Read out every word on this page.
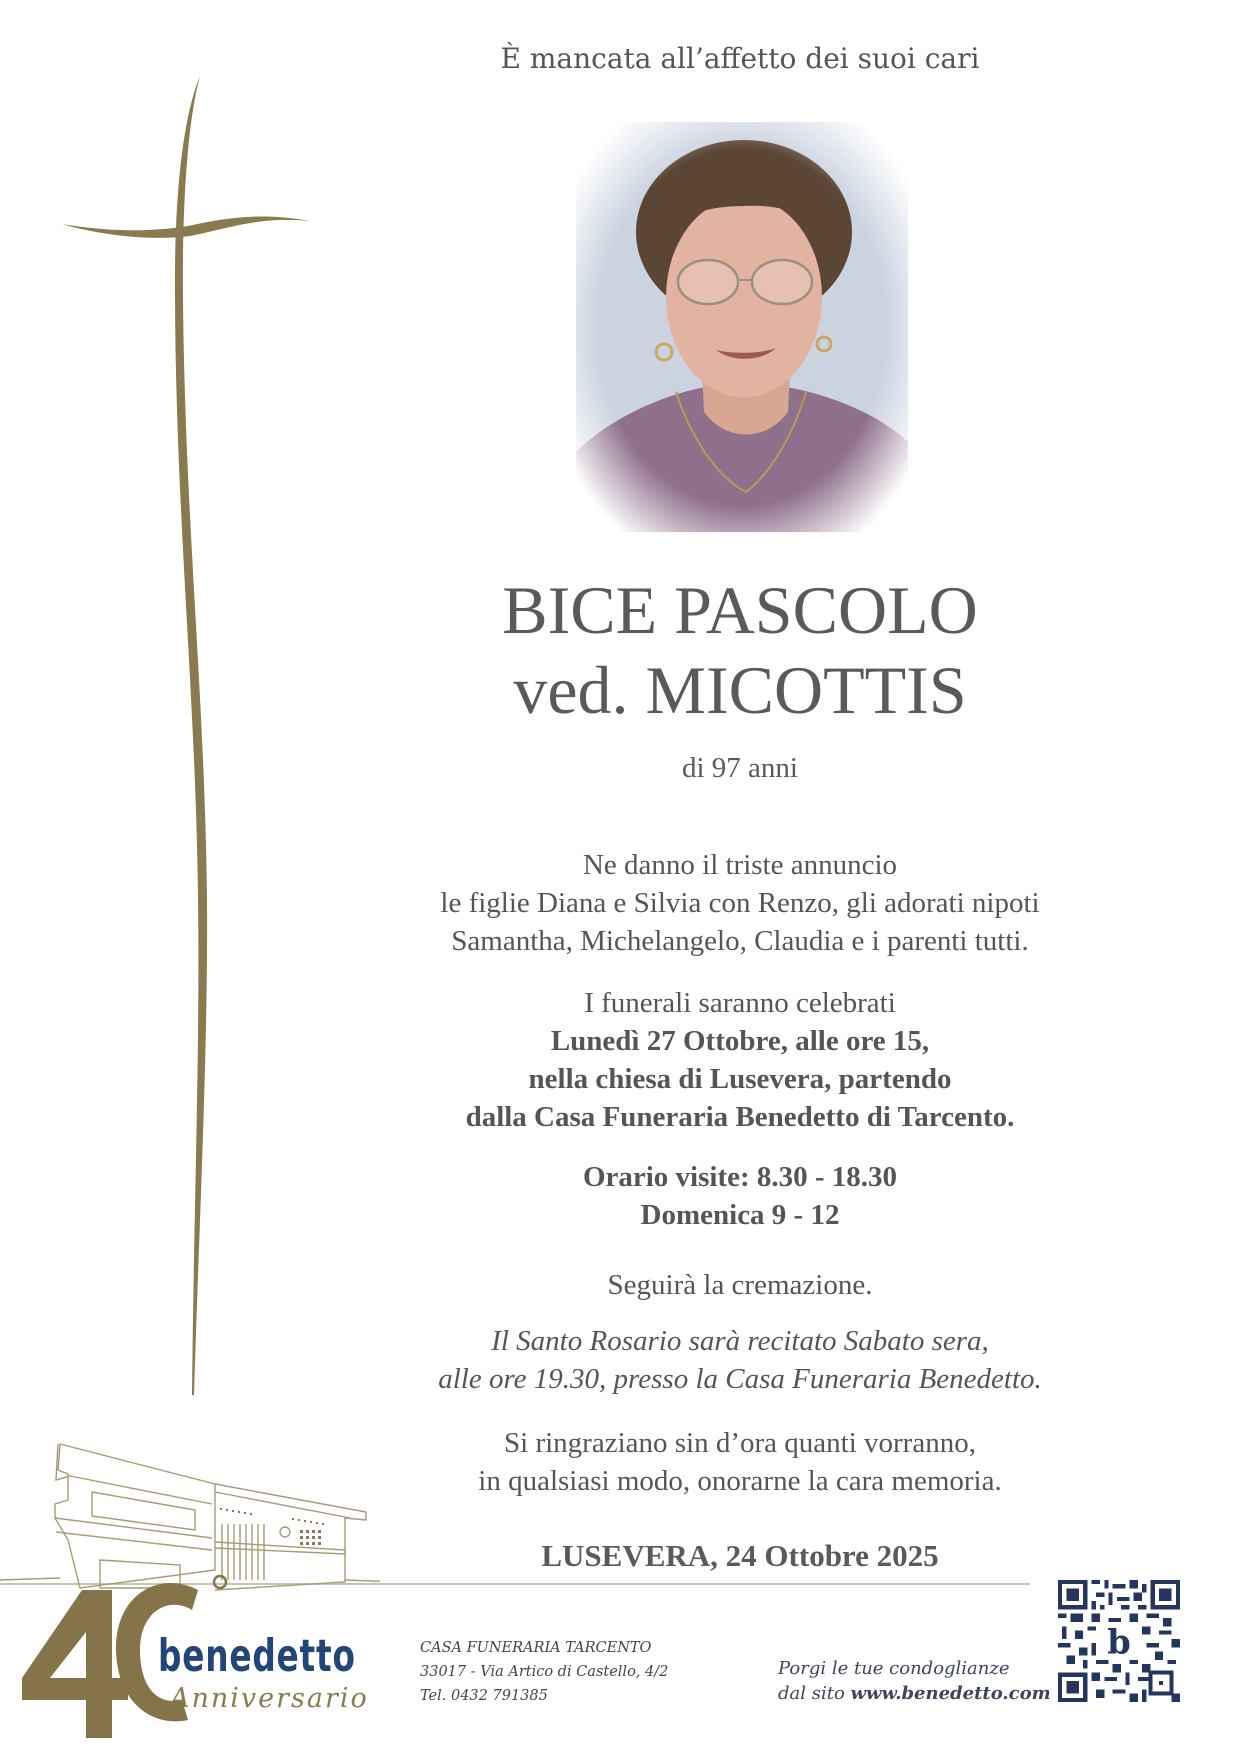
È mancata all’affetto dei suoi cari
BICE PASCOLO
ved. MICOTTIS
di 97 anni
Ne danno il triste annuncio
le figlie Diana e Silvia con Renzo, gli adorati nipoti
Samantha, Michelangelo, Claudia e i parenti tutti.
I funerali saranno celebrati
Lunedì 27 Ottobre, alle ore 15,
nella chiesa di Lusevera, partendo
dalla Casa Funeraria Benedetto di Tarcento.
Orario visite: 8.30 - 18.30
Domenica 9 - 12
Seguirà la cremazione.
Il Santo Rosario sarà recitato Sabato sera,
alle ore 19.30, presso la Casa Funeraria Benedetto.
Si ringraziano sin d’ora quanti vorranno,
in qualsiasi modo, onorarne la cara memoria.
LUSEVERA, 24 Ottobre 2025
benedetto
Anniversario
CASA FUNERARIA TARCENTO
33017 - Via Artico di Castello, 4/2
Tel. 0432 791385
Porgi le tue condoglianze
dal sito www.benedetto.com
b
